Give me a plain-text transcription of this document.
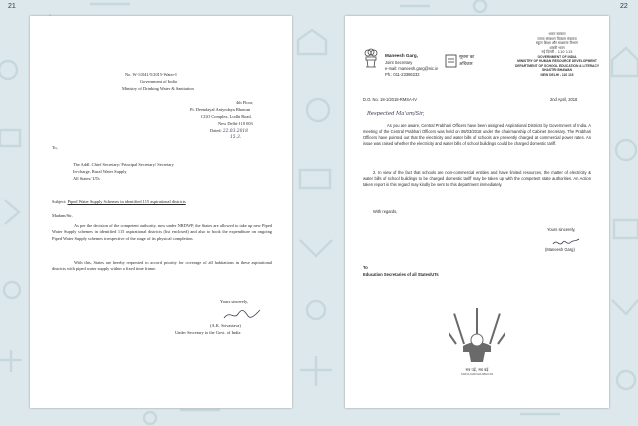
21	22
No. W-11041/5/2015-Water-I
Government of India
Ministry of Drinking Water & Sanitation
4th Floor,
Pt. Deendayal Antyodaya Bhawan
CGO Complex, Lodhi Road,
New Delhi-110 003
Dated: 22.03.2018
15.3.
To,
The Addl. Chief Secretary/ Principal Secretary/ Secretary
In-charge, Rural Water Supply
All States/ UTs
Subject: Piped Water Supply Schemes in identified 115 aspirational districts
Madam/Sir,
As per the decision of the competent authority, now under NRDWP, the States are allowed to take up new Piped Water Supply schemes in identified 115 aspirational districts (list enclosed) and also to book the expenditure on ongoing Piped Water Supply schemes irrespective of the stage of its physical completion.
With this, States are hereby requested to accord priority for coverage of all habitations in these aspirational districts with piped water supply within a fixed time frame.
Yours sincerely,
(A.K. Srivastava)
Under Secretary to the Govt. of India
Maneesh Garg,
Joint Secretary
e-mail: maneesh.garg@nic.in
Ph.: 011-23386232
सूचना का
अधिकार
भारत सरकार
मानव संसाधन विकास मंत्रालय
स्कूल शिक्षा और साक्षरता विभाग
शास्त्री भवन
नई दिल्ली - 110 115
GOVERNMENT OF INDIA
MINISTRY OF HUMAN RESOURCE DEVELOPMENT
DEPARTMENT OF SCHOOL EDUCATION & LITERACY
SHASTRI BHAWAN
NEW DELHI - 110 115
D.O. No. 18-1/2018-RMSA-IV	2nd April, 2018
Respected Ma'am/Sir,
As you are aware, Central Prabhari Officers have been assigned Aspirational Districts by Government of India. A meeting of the Central Prabhari Officers was held on 08/03/2018 under the chairmanship of Cabinet Secretary. The Prabhari Officers have pointed out that the electricity and water bills of schools are presently charged at commercial power rates. An issue was raised whether the electricity and water bills of school buildings could be charged domestic tariff.
2. In view of the fact that schools are non-commercial entities and have limited resources, the matter of electricity & water bills of school buildings to be charged domestic tariff may be taken up with the competent state authorities. An Action taken report in this regard may kindly be sent to this department immediately.
With regards,
Yours sincerely,
(Maneesh Garg)
To
Education Secretaries of all States/UTs
सब पढ़ें, सब बढ़ें
SARVA SHIKSHA ABHIYAN
